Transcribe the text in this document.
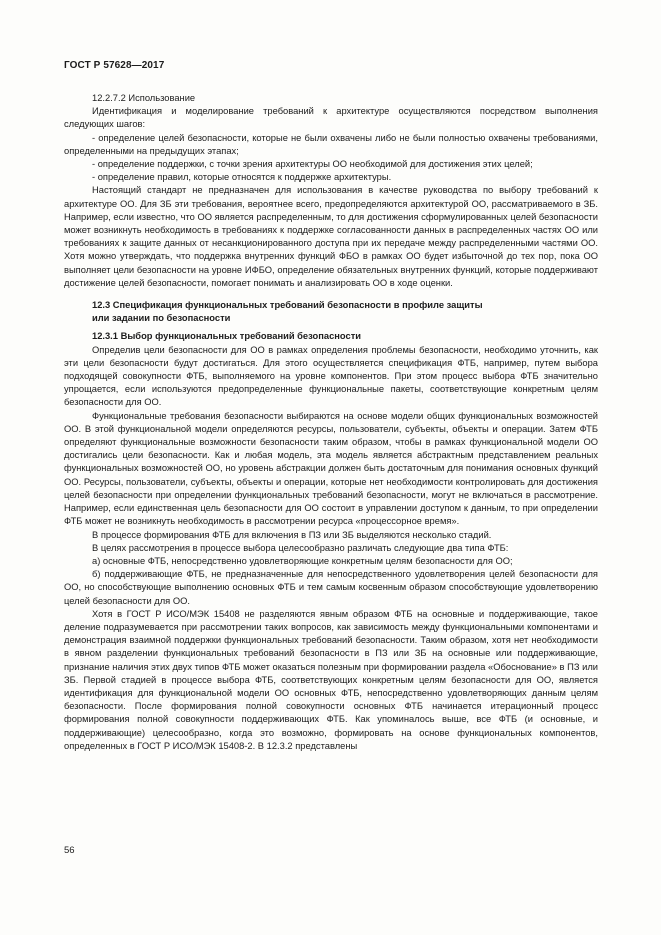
ГОСТ Р 57628—2017

12.2.7.2 Использование

Идентификация и моделирование требований к архитектуре осуществляются посредством выполнения следующих шагов:

- определение целей безопасности, которые не были охвачены либо не были полностью охвачены требованиями, определенными на предыдущих этапах;

- определение поддержки, с точки зрения архитектуры ОО необходимой для достижения этих целей;

- определение правил, которые относятся к поддержке архитектуры.

Настоящий стандарт не предназначен для использования в качестве руководства по выбору требований к архитектуре ОО. Для ЗБ эти требования, вероятнее всего, предопределяются архитектурой ОО, рассматриваемого в ЗБ. Например, если известно, что ОО является распределенным, то для достижения сформулированных целей безопасности может возникнуть необходимость в требованиях к поддержке согласованности данных в распределенных частях ОО или требованиях к защите данных от несанкционированного доступа при их передаче между распределенными частями ОО. Хотя можно утверждать, что поддержка внутренних функций ФБО в рамках ОО будет избыточной до тех пор, пока ОО выполняет цели безопасности на уровне ИФБО, определение обязательных внутренних функций, которые поддерживают достижение целей безопасности, помогает понимать и анализировать ОО в ходе оценки.

12.3 Спецификация функциональных требований безопасности в профиле защиты
или задании по безопасности
12.3.1 Выбор функциональных требований безопасности

Определив цели безопасности для ОО в рамках определения проблемы безопасности, необходимо уточнить, как эти цели безопасности будут достигаться. Для этого осуществляется спецификация ФТБ, например, путем выбора подходящей совокупности ФТБ, выполняемого на уровне компонентов. При этом процесс выбора ФТБ значительно упрощается, если используются предопределенные функциональные пакеты, соответствующие конкретным целям безопасности для ОО.

Функциональные требования безопасности выбираются на основе модели общих функциональных возможностей ОО. В этой функциональной модели определяются ресурсы, пользователи, субъекты, объекты и операции. Затем ФТБ определяют функциональные возможности безопасности таким образом, чтобы в рамках функциональной модели ОО достигались цели безопасности. Как и любая модель, эта модель является абстрактным представлением реальных функциональных возможностей ОО, но уровень абстракции должен быть достаточным для понимания основных функций ОО. Ресурсы, пользователи, субъекты, объекты и операции, которые нет необходимости контролировать для достижения целей безопасности при определении функциональных требований безопасности, могут не включаться в рассмотрение. Например, если единственная цель безопасности для ОО состоит в управлении доступом к данным, то при определении ФТБ может не возникнуть необходимость в рассмотрении ресурса «процессорное время».

В процессе формирования ФТБ для включения в ПЗ или ЗБ выделяются несколько стадий.

В целях рассмотрения в процессе выбора целесообразно различать следующие два типа ФТБ:

а) основные ФТБ, непосредственно удовлетворяющие конкретным целям безопасности для ОО;

б) поддерживающие ФТБ, не предназначенные для непосредственного удовлетворения целей безопасности для ОО, но способствующие выполнению основных ФТБ и тем самым косвенным образом способствующие удовлетворению целей безопасности для ОО.

Хотя в ГОСТ Р ИСО/МЭК 15408 не разделяются явным образом ФТБ на основные и поддерживающие, такое деление подразумевается при рассмотрении таких вопросов, как зависимость между функциональными компонентами и демонстрация взаимной поддержки функциональных требований безопасности. Таким образом, хотя нет необходимости в явном разделении функциональных требований безопасности в ПЗ или ЗБ на основные или поддерживающие, признание наличия этих двух типов ФТБ может оказаться полезным при формировании раздела «Обоснование» в ПЗ или ЗБ. Первой стадией в процессе выбора ФТБ, соответствующих конкретным целям безопасности для ОО, является идентификация для функциональной модели ОО основных ФТБ, непосредственно удовлетворяющих данным целям безопасности. После формирования полной совокупности основных ФТБ начинается итерационный процесс формирования полной совокупности поддерживающих ФТБ. Как упоминалось выше, все ФТБ (и основные, и поддерживающие) целесообразно, когда это возможно, формировать на основе функциональных компонентов, определенных в ГОСТ Р ИСО/МЭК 15408-2. В 12.3.2 представлены

56
